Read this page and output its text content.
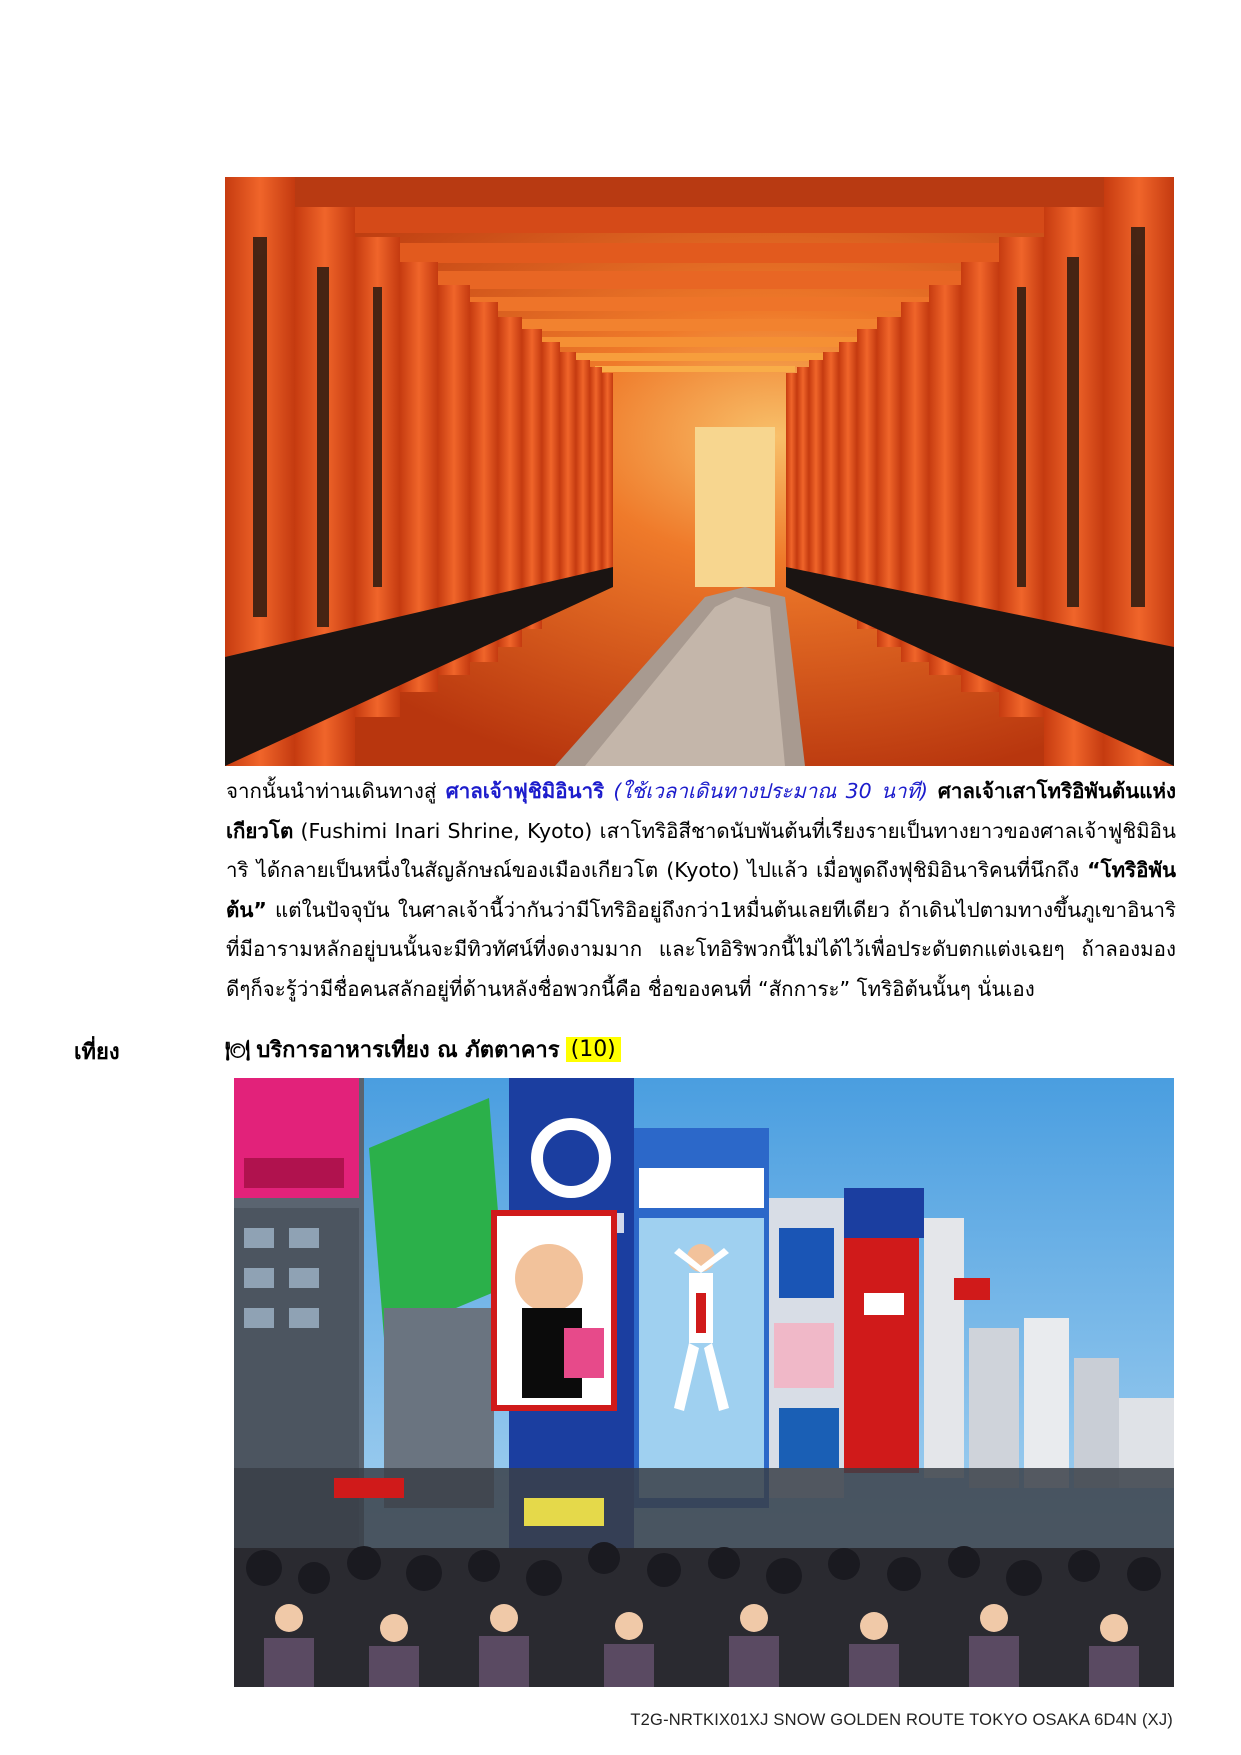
จากนั้นนำท่านเดินทางสู่ ศาลเจ้าฟุชิมิอินาริ (ใช้เวลาเดินทางประมาณ 30 นาที) ศาลเจ้าเสาโทริอิพันต้นแห่งเกียวโต (Fushimi Inari Shrine, Kyoto) เสาโทริอิสีชาดนับพันต้นที่เรียงรายเป็นทางยาวของศาลเจ้าฟูชิมิอินาริ ได้กลายเป็นหนึ่งในสัญลักษณ์ของเมืองเกียวโต (Kyoto) ไปแล้ว เมื่อพูดถึงฟุชิมิอินาริคนที่นึกถึง “โทริอิพันต้น” แต่ในปัจจุบัน ในศาลเจ้านี้ว่ากันว่ามีโทริอิอยู่ถึงกว่า1หมื่นต้นเลยทีเดียว ถ้าเดินไปตามทางขึ้นภูเขาอินาริที่มีอารามหลักอยู่บนนั้นจะมีทิวทัศน์ที่งดงามมาก และโทอิริพวกนี้ไม่ได้ไว้เพื่อประดับตกแต่งเฉยๆ ถ้าลองมองดีๆก็จะรู้ว่ามีชื่อคนสลักอยู่ที่ด้านหลังชื่อพวกนี้คือ ชื่อของคนที่ “สักการะ” โทริอิต้นนั้นๆ นั่นเอง
เที่ยง	🍽 บริการอาหารเที่ยง ณ ภัตตาคาร (10)
T2G-NRTKIX01XJ SNOW GOLDEN ROUTE TOKYO OSAKA 6D4N (XJ)
